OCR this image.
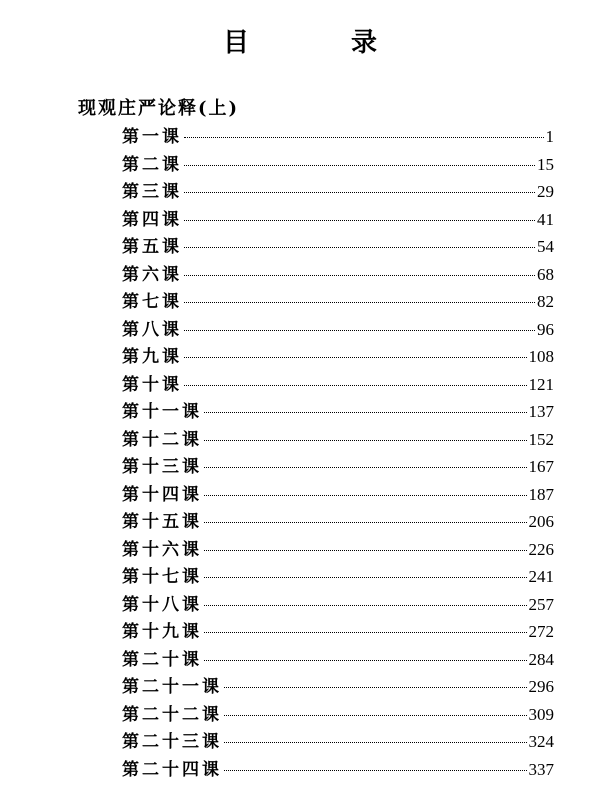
目　录
现观庄严论释(上)
第一课	1
第二课	15
第三课	29
第四课	41
第五课	54
第六课	68
第七课	82
第八课	96
第九课	108
第十课	121
第十一课	137
第十二课	152
第十三课	167
第十四课	187
第十五课	206
第十六课	226
第十七课	241
第十八课	257
第十九课	272
第二十课	284
第二十一课	296
第二十二课	309
第二十三课	324
第二十四课	337
